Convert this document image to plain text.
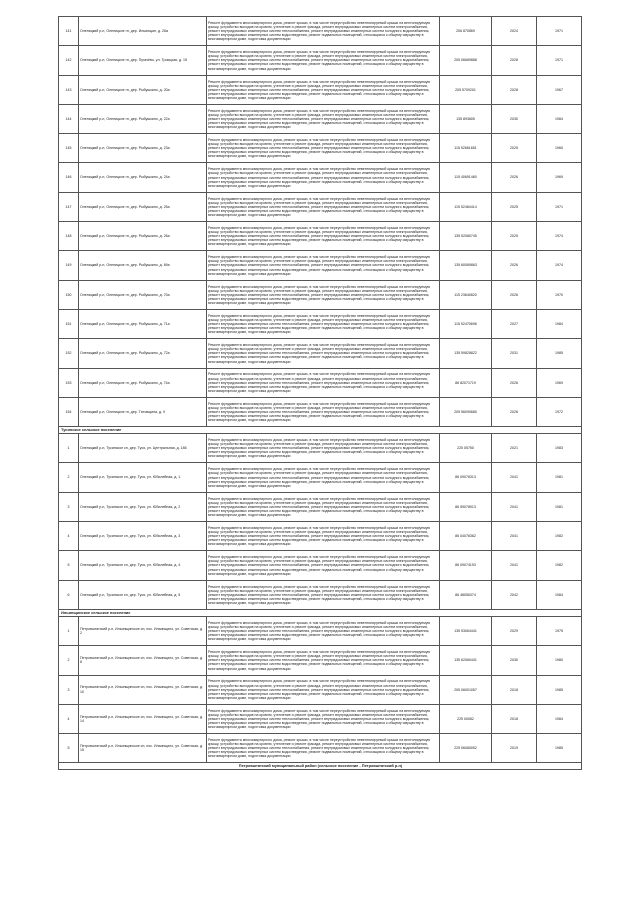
141	Оленицкий р-н, Оленицкое гп, дер. Ильинщин, д. 26а	Ремонт фундамента многоквартирного дома, ремонт крыши, в том числе переустройство невентилируемой крыши на вентилируемую крышу, устройство выходов на кровлю, утепление и ремонт фасада, ремонт внутридомовых инженерных систем электроснабжения, ремонт внутридомовых инженерных систем теплоснабжения, ремонт внутридомовых инженерных систем холодного водоснабжения, ремонт внутридомовых инженерных систем водоотведения, ремонт подвальных помещений, относящихся к общему имуществу в многоквартирном доме, подготовка документации	206 870869	2024	1971
142	Оленицкий р-н, Оленицкое гп, дер. Пугачёво, ул. Троицкая, д. 15	Ремонт фундамента многоквартирного дома, ремонт крыши, в том числе переустройство невентилируемой крыши на вентилируемую крышу, устройство выходов на кровлю, утепление и ремонт фасада, ремонт внутридомовых инженерных систем электроснабжения, ремонт внутридомовых инженерных систем теплоснабжения, ремонт внутридомовых инженерных систем холодного водоснабжения, ремонт внутридомовых инженерных систем водоотведения, ремонт подвальных помещений, относящихся к общему имуществу в многоквартирном доме, подготовка документации	205 06689888	2028	1971
143	Оленицкий р-н, Оленицкое гп, дер. Рыбушкино, д. 20а	Ремонт фундамента многоквартирного дома, ремонт крыши, в том числе переустройство невентилируемой крыши на вентилируемую крышу, устройство выходов на кровлю, утепление и ремонт фасада, ремонт внутридомовых инженерных систем электроснабжения, ремонт внутридомовых инженерных систем теплоснабжения, ремонт внутридомовых инженерных систем холодного водоснабжения, ремонт внутридомовых инженерных систем водоотведения, ремонт подвальных помещений, относящихся к общему имуществу в многоквартирном доме, подготовка документации	205 5709201	2028	1967
144	Оленицкий р-н, Оленицкое гп, дер. Рыбушкино, д. 22а	Ремонт фундамента многоквартирного дома, ремонт крыши, в том числе переустройство невентилируемой крыши на вентилируемую крышу, устройство выходов на кровлю, утепление и ремонт фасада, ремонт внутридомовых инженерных систем электроснабжения, ремонт внутридомовых инженерных систем теплоснабжения, ремонт внутридомовых инженерных систем холодного водоснабжения, ремонт внутридомовых инженерных систем водоотведения, ремонт подвальных помещений, относящихся к общему имуществу в многоквартирном доме, подготовка документации	135 893605	2030	1984
145	Оленицкий р-н, Оленицкое гп, дер. Рыбушкино, д. 23а	Ремонт фундамента многоквартирного дома, ремонт крыши, в том числе переустройство невентилируемой крыши на вентилируемую крышу, устройство выходов на кровлю, утепление и ремонт фасада, ремонт внутридомовых инженерных систем электроснабжения, ремонт внутридомовых инженерных систем теплоснабжения, ремонт внутридомовых инженерных систем холодного водоснабжения, ремонт внутридомовых инженерных систем водоотведения, ремонт подвальных помещений, относящихся к общему имуществу в многоквартирном доме, подготовка документации	115 52661651	2025	1960
146	Оленицкий р-н, Оленицкое гп, дер. Рыбушкино, д. 24а	Ремонт фундамента многоквартирного дома, ремонт крыши, в том числе переустройство невентилируемой крыши на вентилируемую крышу, устройство выходов на кровлю, утепление и ремонт фасада, ремонт внутридомовых инженерных систем электроснабжения, ремонт внутридомовых инженерных систем теплоснабжения, ремонт внутридомовых инженерных систем холодного водоснабжения, ремонт внутридомовых инженерных систем водоотведения, ремонт подвальных помещений, относящихся к общему имуществу в многоквартирном доме, подготовка документации	115 40691460	2026	1969
147	Оленицкий р-н, Оленицкое гп, дер. Рыбушкино, д. 25а	Ремонт фундамента многоквартирного дома, ремонт крыши, в том числе переустройство невентилируемой крыши на вентилируемую крышу, устройство выходов на кровлю, утепление и ремонт фасада, ремонт внутридомовых инженерных систем электроснабжения, ремонт внутридомовых инженерных систем теплоснабжения, ремонт внутридомовых инженерных систем холодного водоснабжения, ремонт внутридомовых инженерных систем водоотведения, ремонт подвальных помещений, относящихся к общему имуществу в многоквартирном доме, подготовка документации	115 52464414	2025	1971
148	Оленицкий р-н, Оленицкое гп, дер. Рыбушкино, д. 26а	Ремонт фундамента многоквартирного дома, ремонт крыши, в том числе переустройство невентилируемой крыши на вентилируемую крышу, устройство выходов на кровлю, утепление и ремонт фасада, ремонт внутридомовых инженерных систем электроснабжения, ремонт внутридомовых инженерных систем теплоснабжения, ремонт внутридомовых инженерных систем холодного водоснабжения, ремонт внутридомовых инженерных систем водоотведения, ремонт подвальных помещений, относящихся к общему имуществу в многоквартирном доме, подготовка документации	135 52080745	2025	1974
149	Оленицкий р-н, Оленицкое гп, дер. Рыбушкино, д. 69а	Ремонт фундамента многоквартирного дома, ремонт крыши, в том числе переустройство невентилируемой крыши на вентилируемую крышу, устройство выходов на кровлю, утепление и ремонт фасада, ремонт внутридомовых инженерных систем электроснабжения, ремонт внутридомовых инженерных систем теплоснабжения, ремонт внутридомовых инженерных систем холодного водоснабжения, ремонт внутридомовых инженерных систем водоотведения, ремонт подвальных помещений, относящихся к общему имуществу в многоквартирном доме, подготовка документации	135 60089863	2026	1974
150	Оленицкий р-н, Оленицкое гп, дер. Рыбушкино, д. 70а	Ремонт фундамента многоквартирного дома, ремонт крыши, в том числе переустройство невентилируемой крыши на вентилируемую крышу, устройство выходов на кровлю, утепление и ремонт фасада, ремонт внутридомовых инженерных систем электроснабжения, ремонт внутридомовых инженерных систем теплоснабжения, ремонт внутридомовых инженерных систем холодного водоснабжения, ремонт внутридомовых инженерных систем водоотведения, ремонт подвальных помещений, относящихся к общему имуществу в многоквартирном доме, подготовка документации	115 23640820	2026	1970
151	Оленицкий р-н, Оленицкое гп, дер. Рыбушкино, д. 71а	Ремонт фундамента многоквартирного дома, ремонт крыши, в том числе переустройство невентилируемой крыши на вентилируемую крышу, устройство выходов на кровлю, утепление и ремонт фасада, ремонт внутридомовых инженерных систем электроснабжения, ремонт внутридомовых инженерных систем теплоснабжения, ремонт внутридомовых инженерных систем холодного водоснабжения, ремонт внутридомовых инженерных систем водоотведения, ремонт подвальных помещений, относящихся к общему имуществу в многоквартирном доме, подготовка документации	115 52470696	2027	1984
152	Оленицкий р-н, Оленицкое гп, дер. Рыбушкино, д. 72а	Ремонт фундамента многоквартирного дома, ремонт крыши, в том числе переустройство невентилируемой крыши на вентилируемую крышу, устройство выходов на кровлю, утепление и ремонт фасада, ремонт внутридомовых инженерных систем электроснабжения, ремонт внутридомовых инженерных систем теплоснабжения, ремонт внутридомовых инженерных систем холодного водоснабжения, ремонт внутридомовых инженерных систем водоотведения, ремонт подвальных помещений, относящихся к общему имуществу в многоквартирном доме, подготовка документации	135 59828822	2031	1985
153	Оленицкий р-н, Оленицкое гп, дер. Рыбушкино, д. 74а	Ремонт фундамента многоквартирного дома, ремонт крыши, в том числе переустройство невентилируемой крыши на вентилируемую крышу, устройство выходов на кровлю, утепление и ремонт фасада, ремонт внутридомовых инженерных систем электроснабжения, ремонт внутридомовых инженерных систем теплоснабжения, ремонт внутридомовых инженерных систем холодного водоснабжения, ремонт внутридомовых инженерных систем водоотведения, ремонт подвальных помещений, относящихся к общему имуществу в многоквартирном доме, подготовка документации	86 82071719	2026	1969
154	Оленицкий р-н, Оленицкое гп, дер. Титовщина, д. 9	Ремонт фундамента многоквартирного дома, ремонт крыши, в том числе переустройство невентилируемой крыши на вентилируемую крышу, устройство выходов на кровлю, утепление и ремонт фасада, ремонт внутридомовых инженерных систем электроснабжения, ремонт внутридомовых инженерных систем теплоснабжения, ремонт внутридомовых инженерных систем холодного водоснабжения, ремонт внутридомовых инженерных систем водоотведения, ремонт подвальных помещений, относящихся к общему имуществу в многоквартирном доме, подготовка документации	205 56090680	2026	1972
Тусинское сельское поселение					
1	Оленицкий р-н, Тусинское сп, дер. Туся, ул. Центральная, д. 186	Ремонт фундамента многоквартирного дома, ремонт крыши, в том числе переустройство невентилируемой крыши на вентилируемую крышу, устройство выходов на кровлю, утепление и ремонт фасада, ремонт внутридомовых инженерных систем электроснабжения, ремонт внутридомовых инженерных систем теплоснабжения, ремонт внутридомовых инженерных систем холодного водоснабжения, ремонт внутридомовых инженерных систем водоотведения, ремонт подвальных помещений, относящихся к общему имуществу в многоквартирном доме, подготовка документации	225 05750	2021	1983
2	Оленицкий р-н, Тусинское сп, дер. Туся, ул. Юбилейная, д. 1	Ремонт фундамента многоквартирного дома, ремонт крыши, в том числе переустройство невентилируемой крыши на вентилируемую крышу, устройство выходов на кровлю, утепление и ремонт фасада, ремонт внутридомовых инженерных систем электроснабжения, ремонт внутридомовых инженерных систем теплоснабжения, ремонт внутридомовых инженерных систем холодного водоснабжения, ремонт внутридомовых инженерных систем водоотведения, ремонт подвальных помещений, относящихся к общему имуществу в многоквартирном доме, подготовка документации	86 09076313	2041	1981
3	Оленицкий р-н, Тусинское сп, дер. Туся, ул. Юбилейная, д. 2	Ремонт фундамента многоквартирного дома, ремонт крыши, в том числе переустройство невентилируемой крыши на вентилируемую крышу, устройство выходов на кровлю, утепление и ремонт фасада, ремонт внутридомовых инженерных систем электроснабжения, ремонт внутридомовых инженерных систем теплоснабжения, ремонт внутридомовых инженерных систем холодного водоснабжения, ремонт внутридомовых инженерных систем водоотведения, ремонт подвальных помещений, относящихся к общему имуществу в многоквартирном доме, подготовка документации	86 59078913	2041	1981
4	Оленицкий р-н, Тусинское сп, дер. Туся, ул. Юбилейная, д. 3	Ремонт фундамента многоквартирного дома, ремонт крыши, в том числе переустройство невентилируемой крыши на вентилируемую крышу, устройство выходов на кровлю, утепление и ремонт фасада, ремонт внутридомовых инженерных систем электроснабжения, ремонт внутридомовых инженерных систем теплоснабжения, ремонт внутридомовых инженерных систем холодного водоснабжения, ремонт внутридомовых инженерных систем водоотведения, ремонт подвальных помещений, относящихся к общему имуществу в многоквартирном доме, подготовка документации	86 04076382	2041	1982
5	Оленицкий р-н, Тусинское сп, дер. Туся, ул. Юбилейная, д. 4	Ремонт фундамента многоквартирного дома, ремонт крыши, в том числе переустройство невентилируемой крыши на вентилируемую крышу, устройство выходов на кровлю, утепление и ремонт фасада, ремонт внутридомовых инженерных систем электроснабжения, ремонт внутридомовых инженерных систем теплоснабжения, ремонт внутридомовых инженерных систем холодного водоснабжения, ремонт внутридомовых инженерных систем водоотведения, ремонт подвальных помещений, относящихся к общему имуществу в многоквартирном доме, подготовка документации	86 09074193	2041	1982
6	Оленицкий р-н, Тусинское сп, дер. Туся, ул. Юбилейная, д. 5	Ремонт фундамента многоквартирного дома, ремонт крыши, в том числе переустройство невентилируемой крыши на вентилируемую крышу, устройство выходов на кровлю, утепление и ремонт фасада, ремонт внутридомовых инженерных систем электроснабжения, ремонт внутридомовых инженерных систем теплоснабжения, ремонт внутридомовых инженерных систем холодного водоснабжения, ремонт внутридомовых инженерных систем водоотведения, ремонт подвальных помещений, относящихся к общему имуществу в многоквартирном доме, подготовка документации	86 48056374	2042	1984
Ильинщинское сельское поселение					
1	Петровштатский р-н, Ильинщинское сп, пос. Ильинщино, ул. Советская, д. 2	Ремонт фундамента многоквартирного дома, ремонт крыши, в том числе переустройство невентилируемой крыши на вентилируемую крышу, устройство выходов на кровлю, утепление и ремонт фасада, ремонт внутридомовых инженерных систем электроснабжения, ремонт внутридомовых инженерных систем теплоснабжения, ремонт внутридомовых инженерных систем холодного водоснабжения, ремонт внутридомовых инженерных систем водоотведения, ремонт подвальных помещений, относящихся к общему имуществу в многоквартирном доме, подготовка документации	135 53064441	2029	1975
2	Петровштатский р-н, Ильинщинское сп, пос. Ильинщино, ул. Советская, д. 8	Ремонт фундамента многоквартирного дома, ремонт крыши, в том числе переустройство невентилируемой крыши на вентилируемую крышу, устройство выходов на кровлю, утепление и ремонт фасада, ремонт внутридомовых инженерных систем электроснабжения, ремонт внутридомовых инженерных систем теплоснабжения, ремонт внутридомовых инженерных систем холодного водоснабжения, ремонт внутридомовых инженерных систем водоотведения, ремонт подвальных помещений, относящихся к общему имуществу в многоквартирном доме, подготовка документации	135 62060441	2030	1980
3	Петровштатский р-н, Ильинщинское сп, пос. Ильинщино, ул. Советская, д. 10	Ремонт фундамента многоквартирного дома, ремонт крыши, в том числе переустройство невентилируемой крыши на вентилируемую крышу, устройство выходов на кровлю, утепление и ремонт фасада, ремонт внутридомовых инженерных систем электроснабжения, ремонт внутридомовых инженерных систем теплоснабжения, ремонт внутридомовых инженерных систем холодного водоснабжения, ремонт внутридомовых инженерных систем водоотведения, ремонт подвальных помещений, относящихся к общему имуществу в многоквартирном доме, подготовка документации	205 06001057	2018	1985
4	Петровштатский р-н, Ильинщинское сп, пос. Ильинщино, ул. Советская, д. 14	Ремонт фундамента многоквартирного дома, ремонт крыши, в том числе переустройство невентилируемой крыши на вентилируемую крышу, устройство выходов на кровлю, утепление и ремонт фасада, ремонт внутридомовых инженерных систем электроснабжения, ремонт внутридомовых инженерных систем теплоснабжения, ремонт внутридомовых инженерных систем холодного водоснабжения, ремонт внутридомовых инженерных систем водоотведения, ремонт подвальных помещений, относящихся к общему имуществу в многоквартирном доме, подготовка документации	225 00082	2018	1984
5	Петровштатский р-н, Ильинщинское сп, пос. Ильинщино, ул. Советская, д. 15	Ремонт фундамента многоквартирного дома, ремонт крыши, в том числе переустройство невентилируемой крыши на вентилируемую крышу, устройство выходов на кровлю, утепление и ремонт фасада, ремонт внутридомовых инженерных систем электроснабжения, ремонт внутридомовых инженерных систем теплоснабжения, ремонт внутридомовых инженерных систем холодного водоснабжения, ремонт внутридомовых инженерных систем водоотведения, ремонт подвальных помещений, относящихся к общему имуществу в многоквартирном доме, подготовка документации	225 06080052	2019	1985
Петровштатский муниципальный район (сельское поселение - Петровштатский р-н)					
